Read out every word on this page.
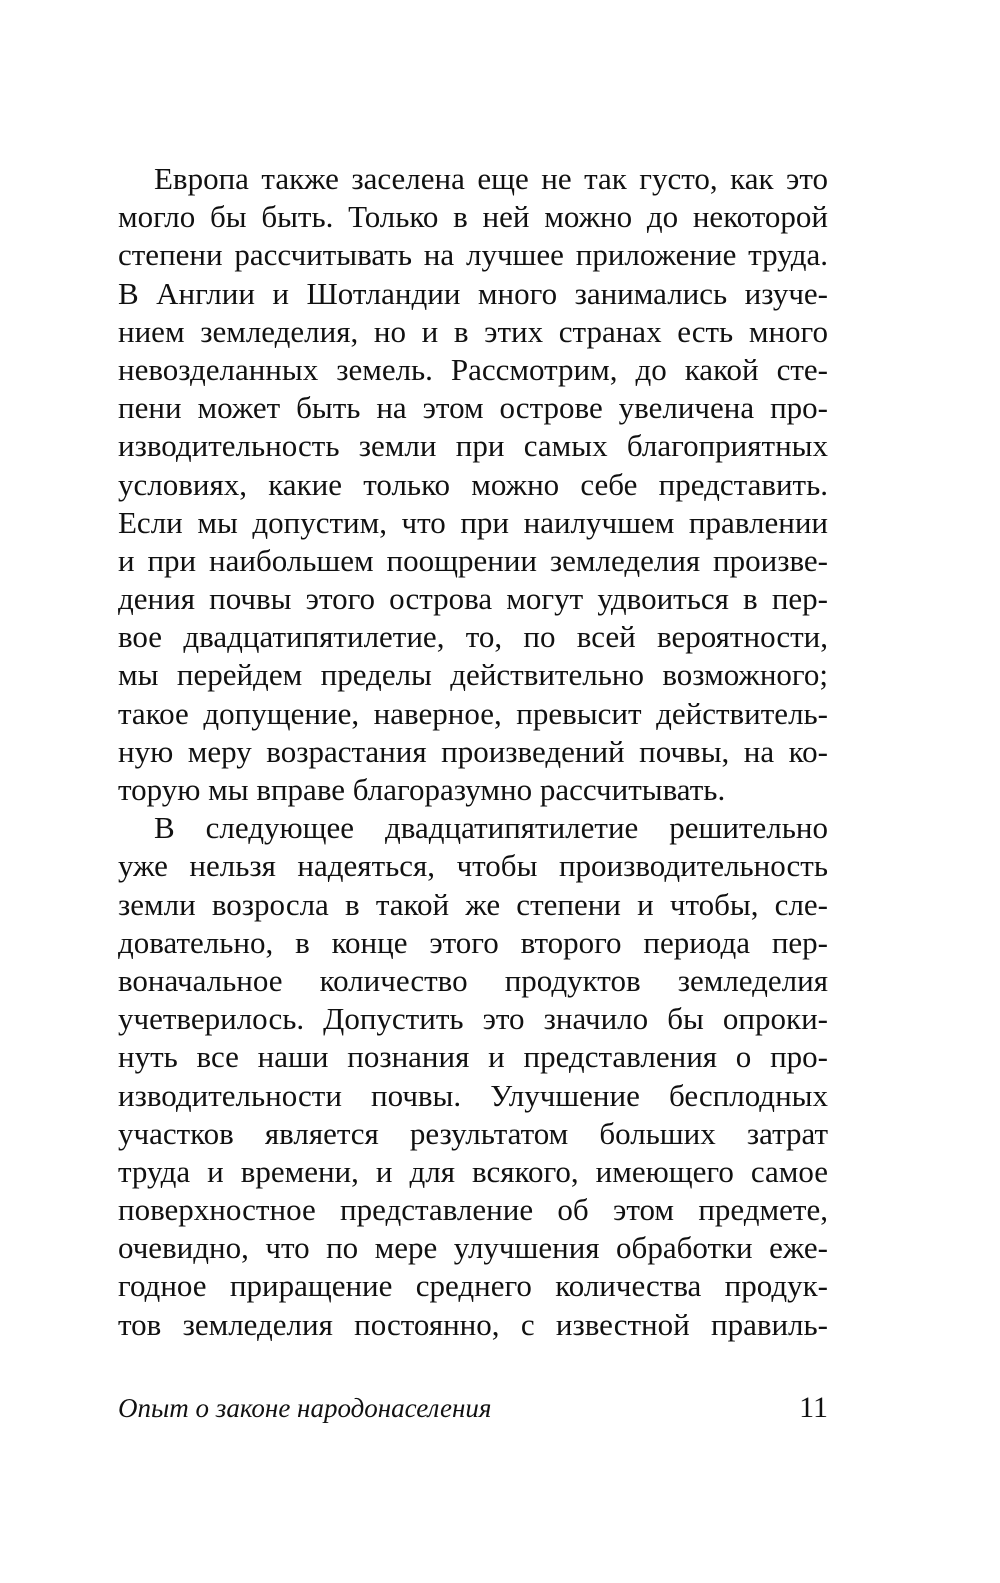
Европа также заселена еще не так густо, как это
могло бы быть. Только в ней можно до некоторой
степени рассчитывать на лучшее приложение труда.
В Англии и Шотландии много занимались изуче-
нием земледелия, но и в этих странах есть много
невозделанных земель. Рассмотрим, до какой сте-
пени может быть на этом острове увеличена про-
изводительность земли при самых благоприятных
условиях, какие только можно себе представить.
Если мы допустим, что при наилучшем правлении
и при наибольшем поощрении земледелия произве-
дения почвы этого острова могут удвоиться в пер-
вое двадцатипятилетие, то, по всей вероятности,
мы перейдем пределы действительно возможного;
такое допущение, наверное, превысит действитель-
ную меру возрастания произведений почвы, на ко-
торую мы вправе благоразумно рассчитывать.
В следующее двадцатипятилетие решительно
уже нельзя надеяться, чтобы производительность
земли возросла в такой же степени и чтобы, сле-
довательно, в конце этого второго периода пер-
воначальное количество продуктов земледелия
учетверилось. Допустить это значило бы опроки-
нуть все наши познания и представления о про-
изводительности почвы. Улучшение бесплодных
участков является результатом больших затрат
труда и времени, и для всякого, имеющего самое
поверхностное представление об этом предмете,
очевидно, что по мере улучшения обработки еже-
годное приращение среднего количества продук-
тов земледелия постоянно, с известной правиль-
Опыт о законе народонаселения	11
